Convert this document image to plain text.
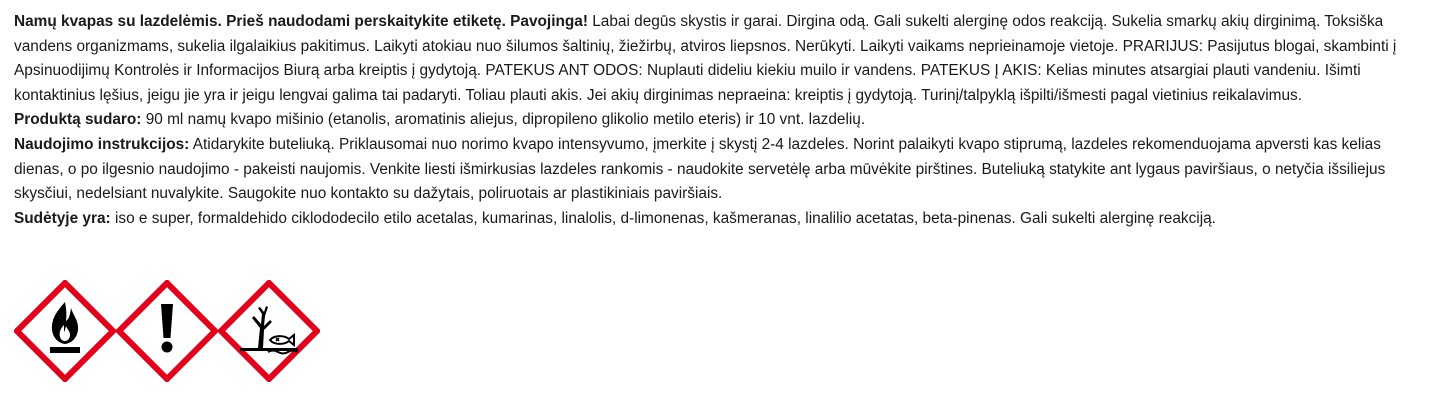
Namų kvapas su lazdelėmis. Prieš naudodami perskaitykite etiketę. Pavojinga! Labai degūs skystis ir garai. Dirgina odą. Gali sukelti alerginę odos reakciją. Sukelia smarkų akių dirginimą. Toksiška vandens organizmams, sukelia ilgalaikius pakitimus. Laikyti atokiau nuo šilumos šaltinių, žiežirbų, atviros liepsnos. Nerūkyti. Laikyti vaikams neprieinamoje vietoje. PRARIJUS: Pasijutus blogai, skambinti į Apsinuodijimų Kontrolės ir Informacijos Biurą arba kreiptis į gydytoją. PATEKUS ANT ODOS: Nuplauti dideliu kiekiu muilo ir vandens. PATEKUS Į AKIS: Kelias minutes atsargiai plauti vandeniu. Išimti kontaktinius lęšius, jeigu jie yra ir jeigu lengvai galima tai padaryti. Toliau plauti akis. Jei akių dirginimas nepraeina: kreiptis į gydytoją. Turinį/talpyklą išpilti/išmesti pagal vietinius reikalavimus.

Produktą sudaro: 90 ml namų kvapo mišinio (etanolis, aromatinis aliejus, dipropileno glikolio metilo eteris) ir 10 vnt. lazdelių.

Naudojimo instrukcijos: Atidarykite buteliuką. Priklausomai nuo norimo kvapo intensyvumo, įmerkite į skystį 2-4 lazdeles. Norint palaikyti kvapo stiprumą, lazdeles rekomenduojama apversti kas kelias dienas, o po ilgesnio naudojimo - pakeisti naujomis. Venkite liesti išmirkusias lazdeles rankomis - naudokite servetėlę arba mūvėkite pirštines. Buteliuką statykite ant lygaus paviršiaus, o netyčia išsiliejus skysčiui, nedelsiant nuvalykite. Saugokite nuo kontakto su dažytais, poliruotais ar plastikiniais paviršiais.

Sudėtyje yra: iso e super, formaldehido ciklododecilo etilo acetalas, kumarinas, linalolis, d-limonenas, kašmeranas, linalilio acetatas, beta-pinenas. Gali sukelti alerginę reakciją.
